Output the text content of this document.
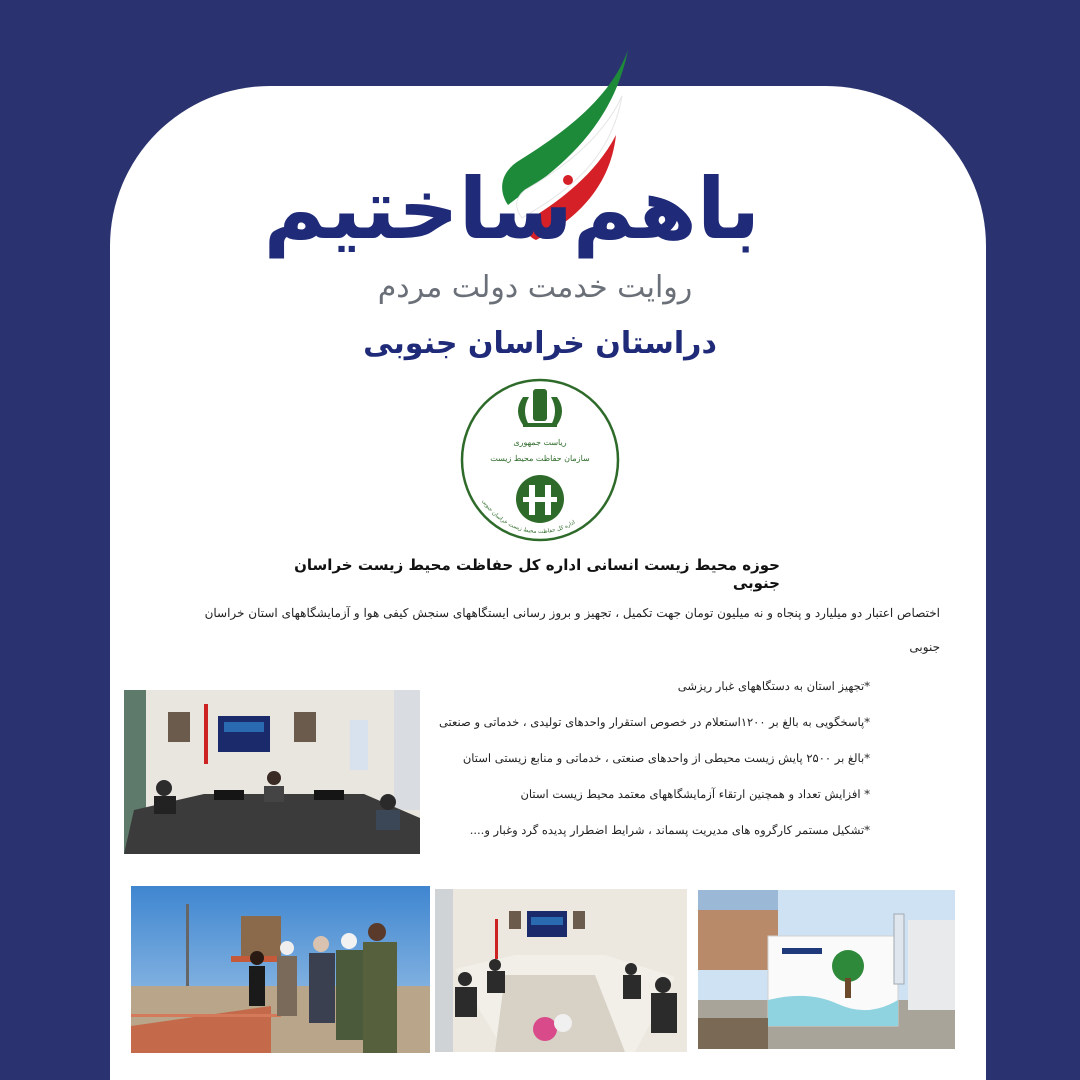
باهم‌ساختیم
روایت خدمت دولت مردم
دراستان خراسان جنوبی
ریاست جمهوری
سازمان حفاظت محیط زیست
اداره کل حفاظت محیط زیست خراسان جنوبی
حوزه محیط زیست انسانی اداره کل حفاظت محیط زیست خراسان جنوبی
اختصاص اعتبار دو میلیارد و پنجاه و نه میلیون تومان جهت تکمیل ، تجهیز و بروز رسانی ایستگاههای سنجش کیفی هوا و آزمایشگاههای استان خراسان جنوبی
*تجهیز استان به دستگاههای غبار ریزشی
*پاسخگویی به بالغ بر ۱۲۰۰استعلام در خصوص استقرار واحدهای تولیدی ، خدماتی و صنعتی
*بالغ بر ۲۵۰۰ پایش زیست محیطی از واحدهای صنعتی ، خدماتی و منابع زیستی استان
* افزایش تعداد و همچنین ارتقاء آزمایشگاههای معتمد محیط زیست استان
*تشکیل مستمر کارگروه های مدیریت پسماند ، شرایط اضطرار پدیده گرد وغبار و....
